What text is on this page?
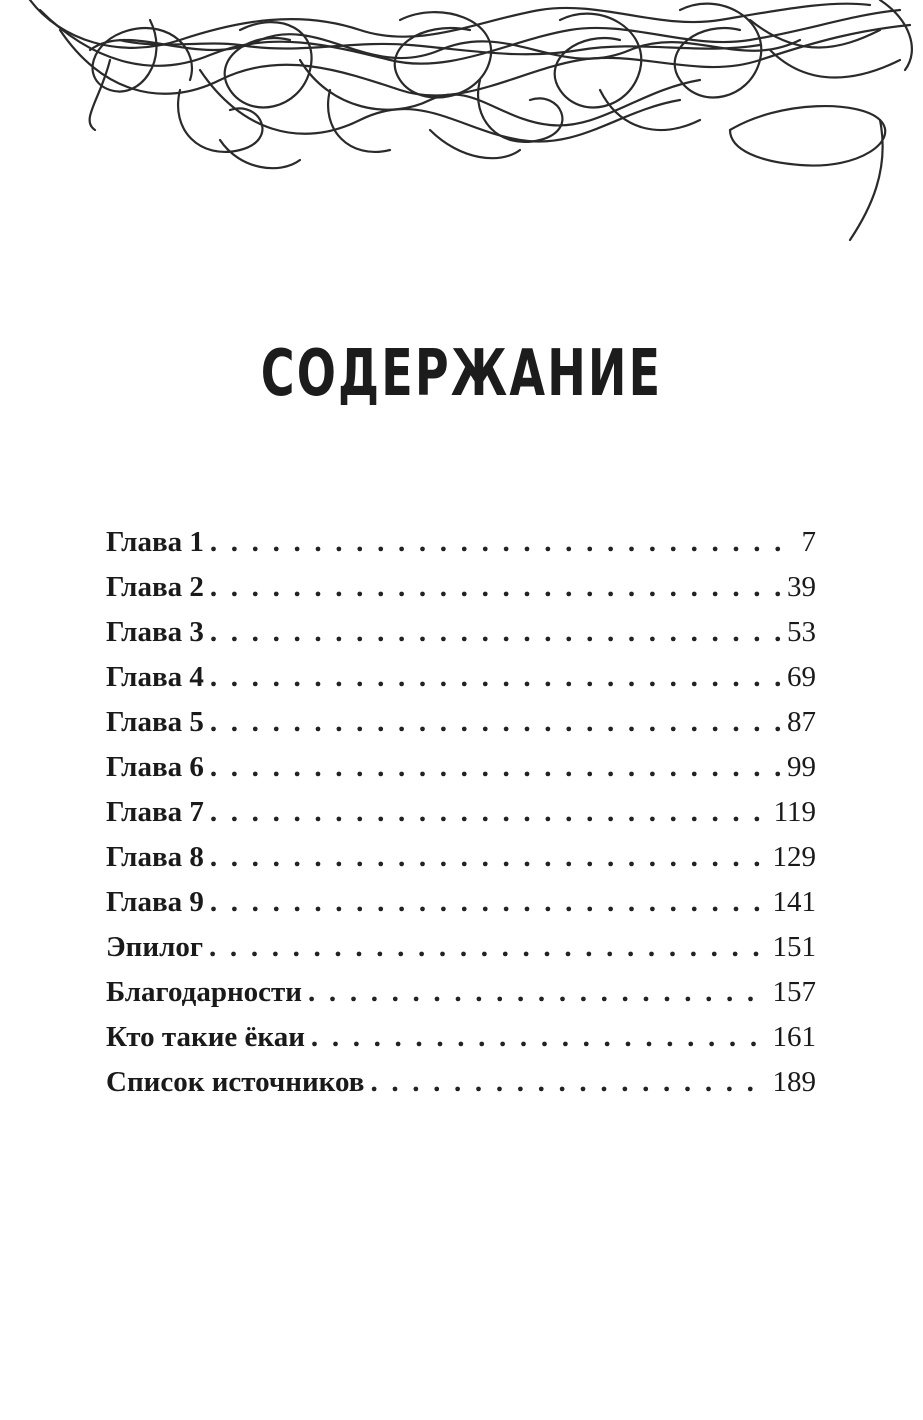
СОДЕРЖАНИЕ
Глава 1 . . .	7
Глава 2 . . .	39
Глава 3 . . .	53
Глава 4 . . .	69
Глава 5 . . .	87
Глава 6 . . .	99
Глава 7 . . .	119
Глава 8 . . .	129
Глава 9 . . .	141
Эпилог . . .	151
Благодарности . . .	157
Кто такие ёкаи . . .	161
Список источников . . .	189
